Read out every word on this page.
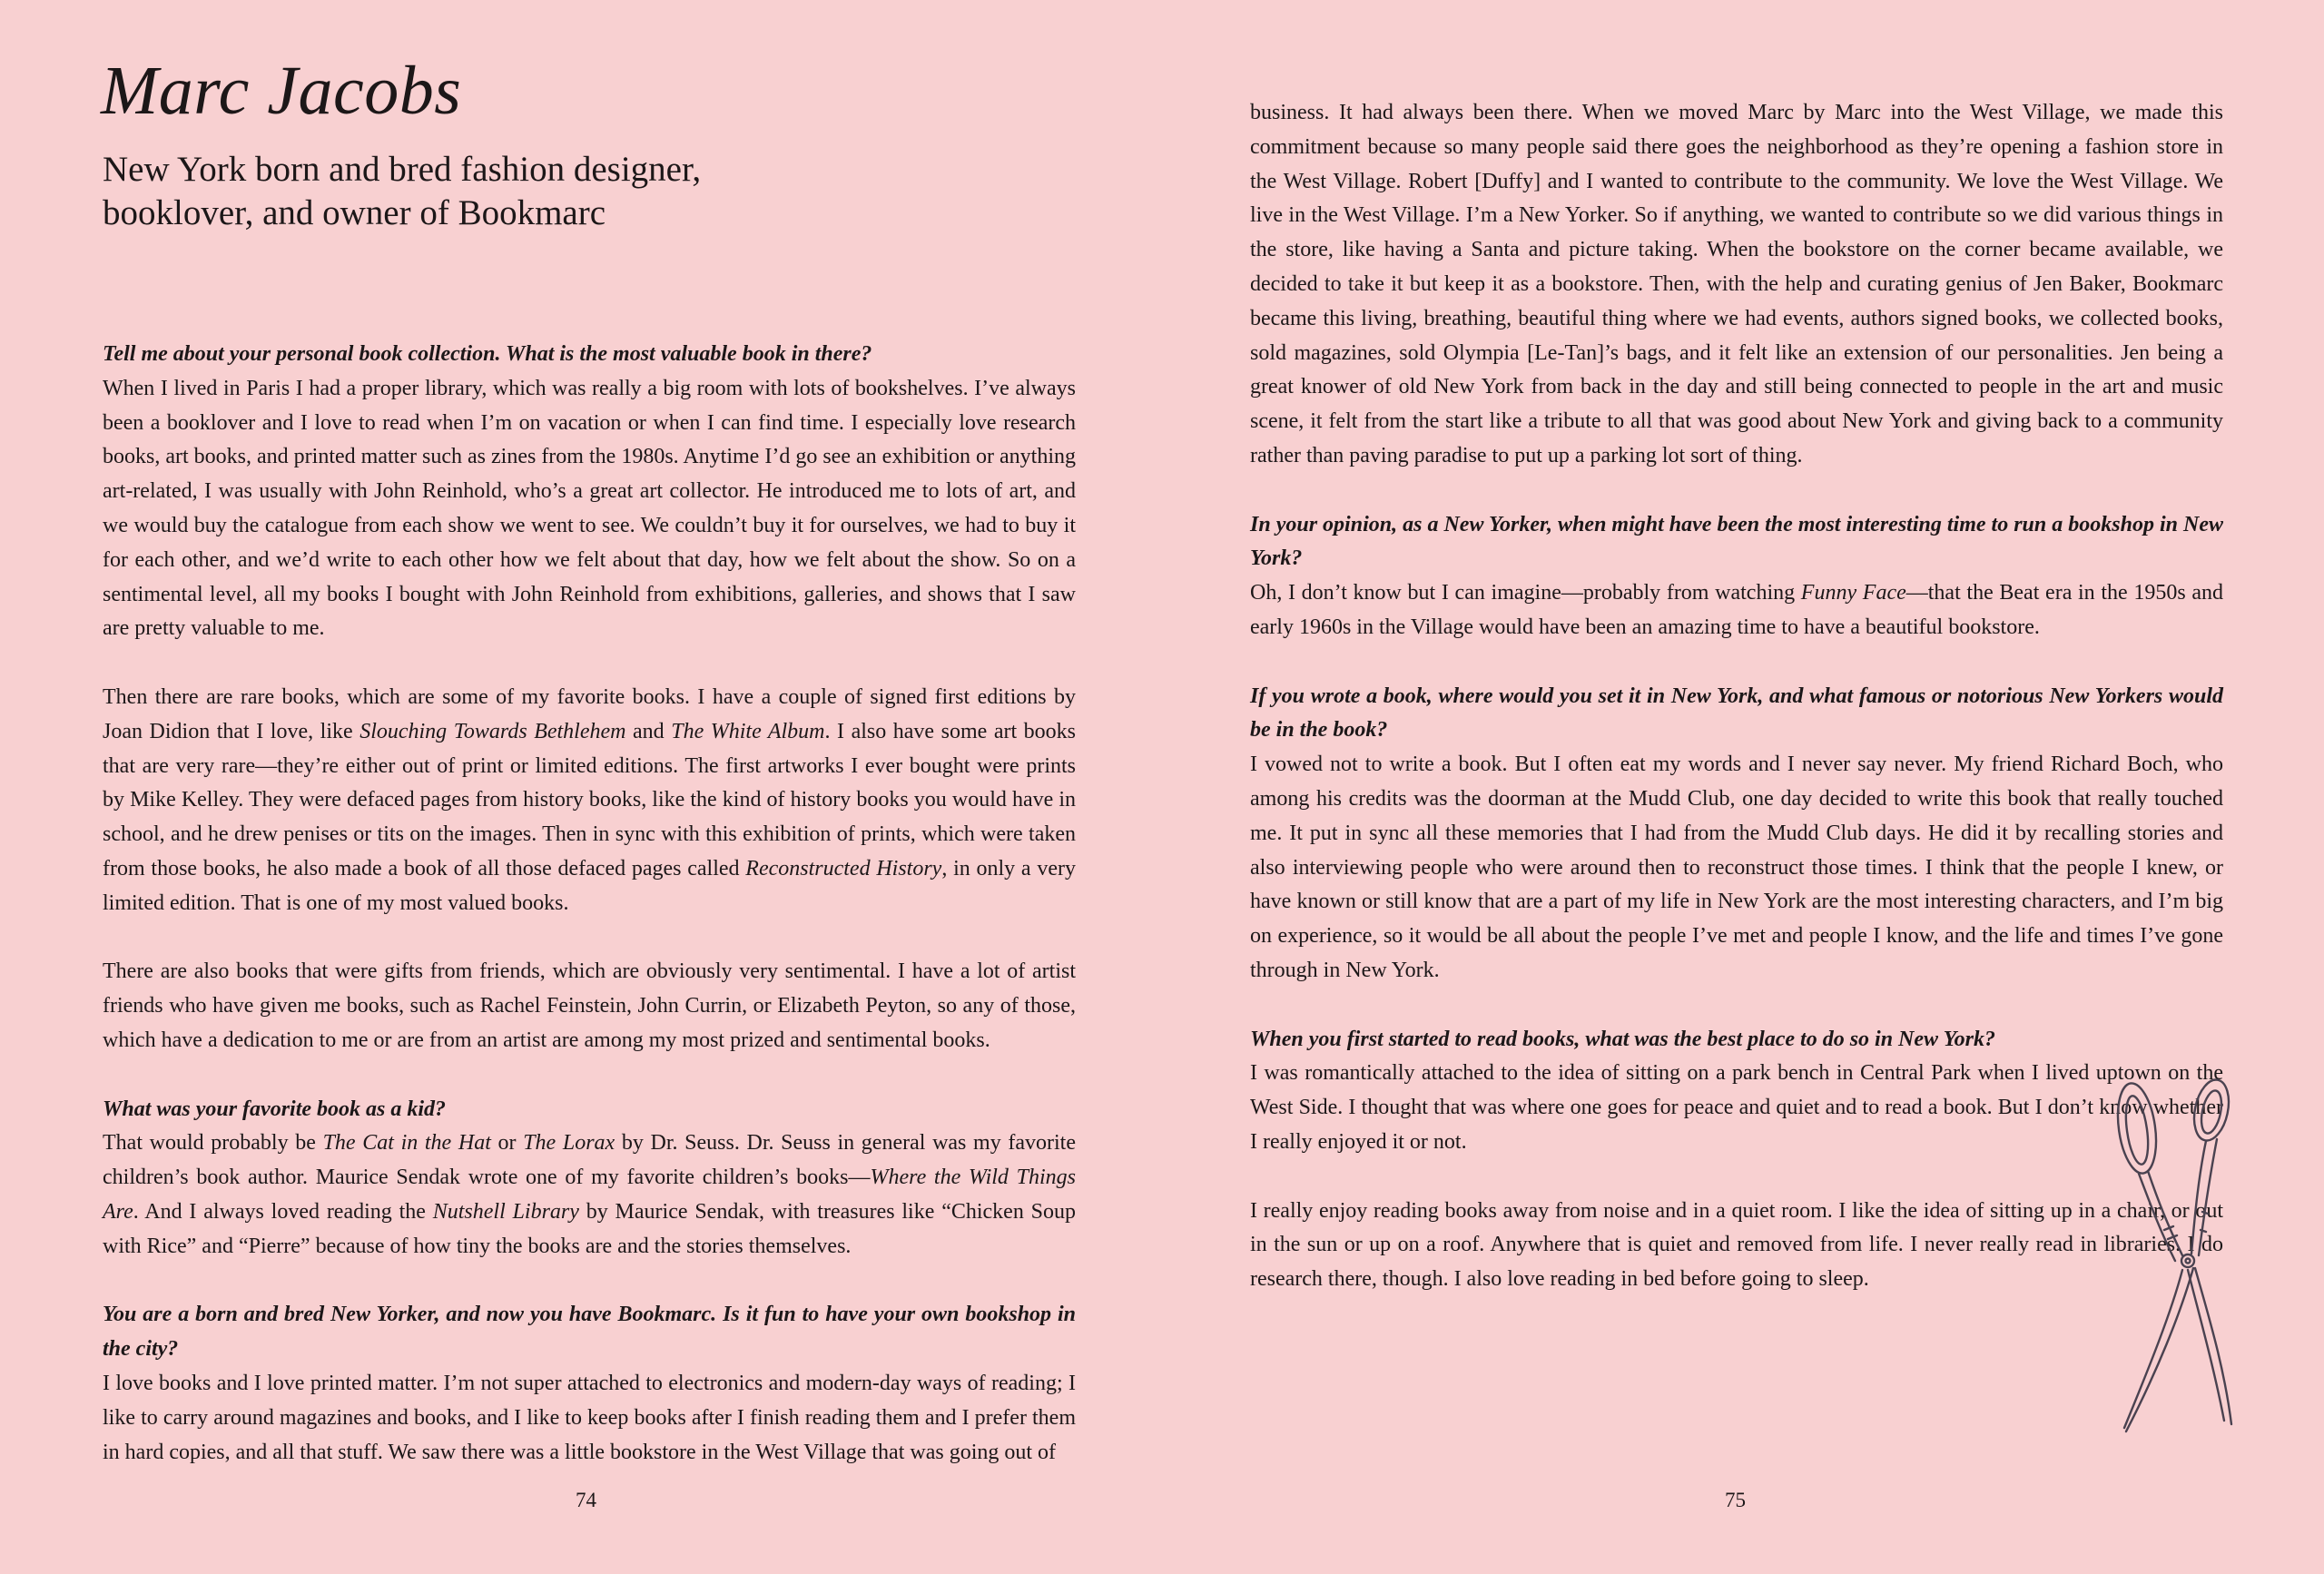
Marc Jacobs
New York born and bred fashion designer,
booklover, and owner of Bookmarc

Tell me about your personal book collection. What is the most valuable book in there?

When I lived in Paris I had a proper library, which was really a big room with lots of bookshelves. I’ve always been a booklover and I love to read when I’m on vacation or when I can find time. I especially love research books, art books, and printed matter such as zines from the 1980s. Anytime I’d go see an exhibition or anything art-related, I was usually with John Reinhold, who’s a great art collector. He introduced me to lots of art, and we would buy the catalogue from each show we went to see. We couldn’t buy it for ourselves, we had to buy it for each other, and we’d write to each other how we felt about that day, how we felt about the show. So on a sentimental level, all my books I bought with John Reinhold from exhibitions, galleries, and shows that I saw are pretty valuable to me.

Then there are rare books, which are some of my favorite books. I have a couple of signed first editions by Joan Didion that I love, like Slouching Towards Bethlehem and The White Album. I also have some art books that are very rare—they’re either out of print or limited editions. The first artworks I ever bought were prints by Mike Kelley. They were defaced pages from history books, like the kind of history books you would have in school, and he drew penises or tits on the images. Then in sync with this exhibition of prints, which were taken from those books, he also made a book of all those defaced pages called Reconstructed History, in only a very limited edition. That is one of my most valued books.

There are also books that were gifts from friends, which are obviously very sentimental. I have a lot of artist friends who have given me books, such as Rachel Feinstein, John Currin, or Elizabeth Peyton, so any of those, which have a dedication to me or are from an artist are among my most prized and sentimental books.

What was your favorite book as a kid?

That would probably be The Cat in the Hat or The Lorax by Dr. Seuss. Dr. Seuss in general was my favorite children’s book author. Maurice Sendak wrote one of my favorite children’s books—Where the Wild Things Are. And I always loved reading the Nutshell Library by Maurice Sendak, with treasures like “Chicken Soup with Rice” and “Pierre” because of how tiny the books are and the stories themselves.

You are a born and bred New Yorker, and now you have Bookmarc. Is it fun to have your own bookshop in the city?

I love books and I love printed matter. I’m not super attached to electronics and modern-day ways of reading; I like to carry around magazines and books, and I like to keep books after I finish reading them and I prefer them in hard copies, and all that stuff. We saw there was a little bookstore in the West Village that was going out of

74

business. It had always been there. When we moved Marc by Marc into the West Village, we made this commitment because so many people said there goes the neighborhood as they’re opening a fashion store in the West Village. Robert [Duffy] and I wanted to contribute to the community. We love the West Village. We live in the West Village. I’m a New Yorker. So if anything, we wanted to contribute so we did various things in the store, like having a Santa and picture taking. When the bookstore on the corner became available, we decided to take it but keep it as a bookstore. Then, with the help and curating genius of Jen Baker, Bookmarc became this living, breathing, beautiful thing where we had events, authors signed books, we collected books, sold magazines, sold Olympia [Le-Tan]’s bags, and it felt like an extension of our personalities. Jen being a great knower of old New York from back in the day and still being connected to people in the art and music scene, it felt from the start like a tribute to all that was good about New York and giving back to a community rather than paving paradise to put up a parking lot sort of thing.

In your opinion, as a New Yorker, when might have been the most interesting time to run a bookshop in New York?

Oh, I don’t know but I can imagine—probably from watching Funny Face—that the Beat era in the 1950s and early 1960s in the Village would have been an amazing time to have a beautiful bookstore.

If you wrote a book, where would you set it in New York, and what famous or notorious New Yorkers would be in the book?

I vowed not to write a book. But I often eat my words and I never say never. My friend Richard Boch, who among his credits was the doorman at the Mudd Club, one day decided to write this book that really touched me. It put in sync all these memories that I had from the Mudd Club days. He did it by recalling stories and also interviewing people who were around then to reconstruct those times. I think that the people I knew, or have known or still know that are a part of my life in New York are the most interesting characters, and I’m big on experience, so it would be all about the people I’ve met and people I know, and the life and times I’ve gone through in New York.

When you first started to read books, what was the best place to do so in New York?

I was romantically attached to the idea of sitting on a park bench in Central Park when I lived uptown on the West Side. I thought that was where one goes for peace and quiet and to read a book. But I don’t know whether I really enjoyed it or not.

I really enjoy reading books away from noise and in a quiet room. I like the idea of sitting up in a chair, or out in the sun or up on a roof. Anywhere that is quiet and removed from life. I never really read in libraries. I do research there, though. I also love reading in bed before going to sleep.

75
